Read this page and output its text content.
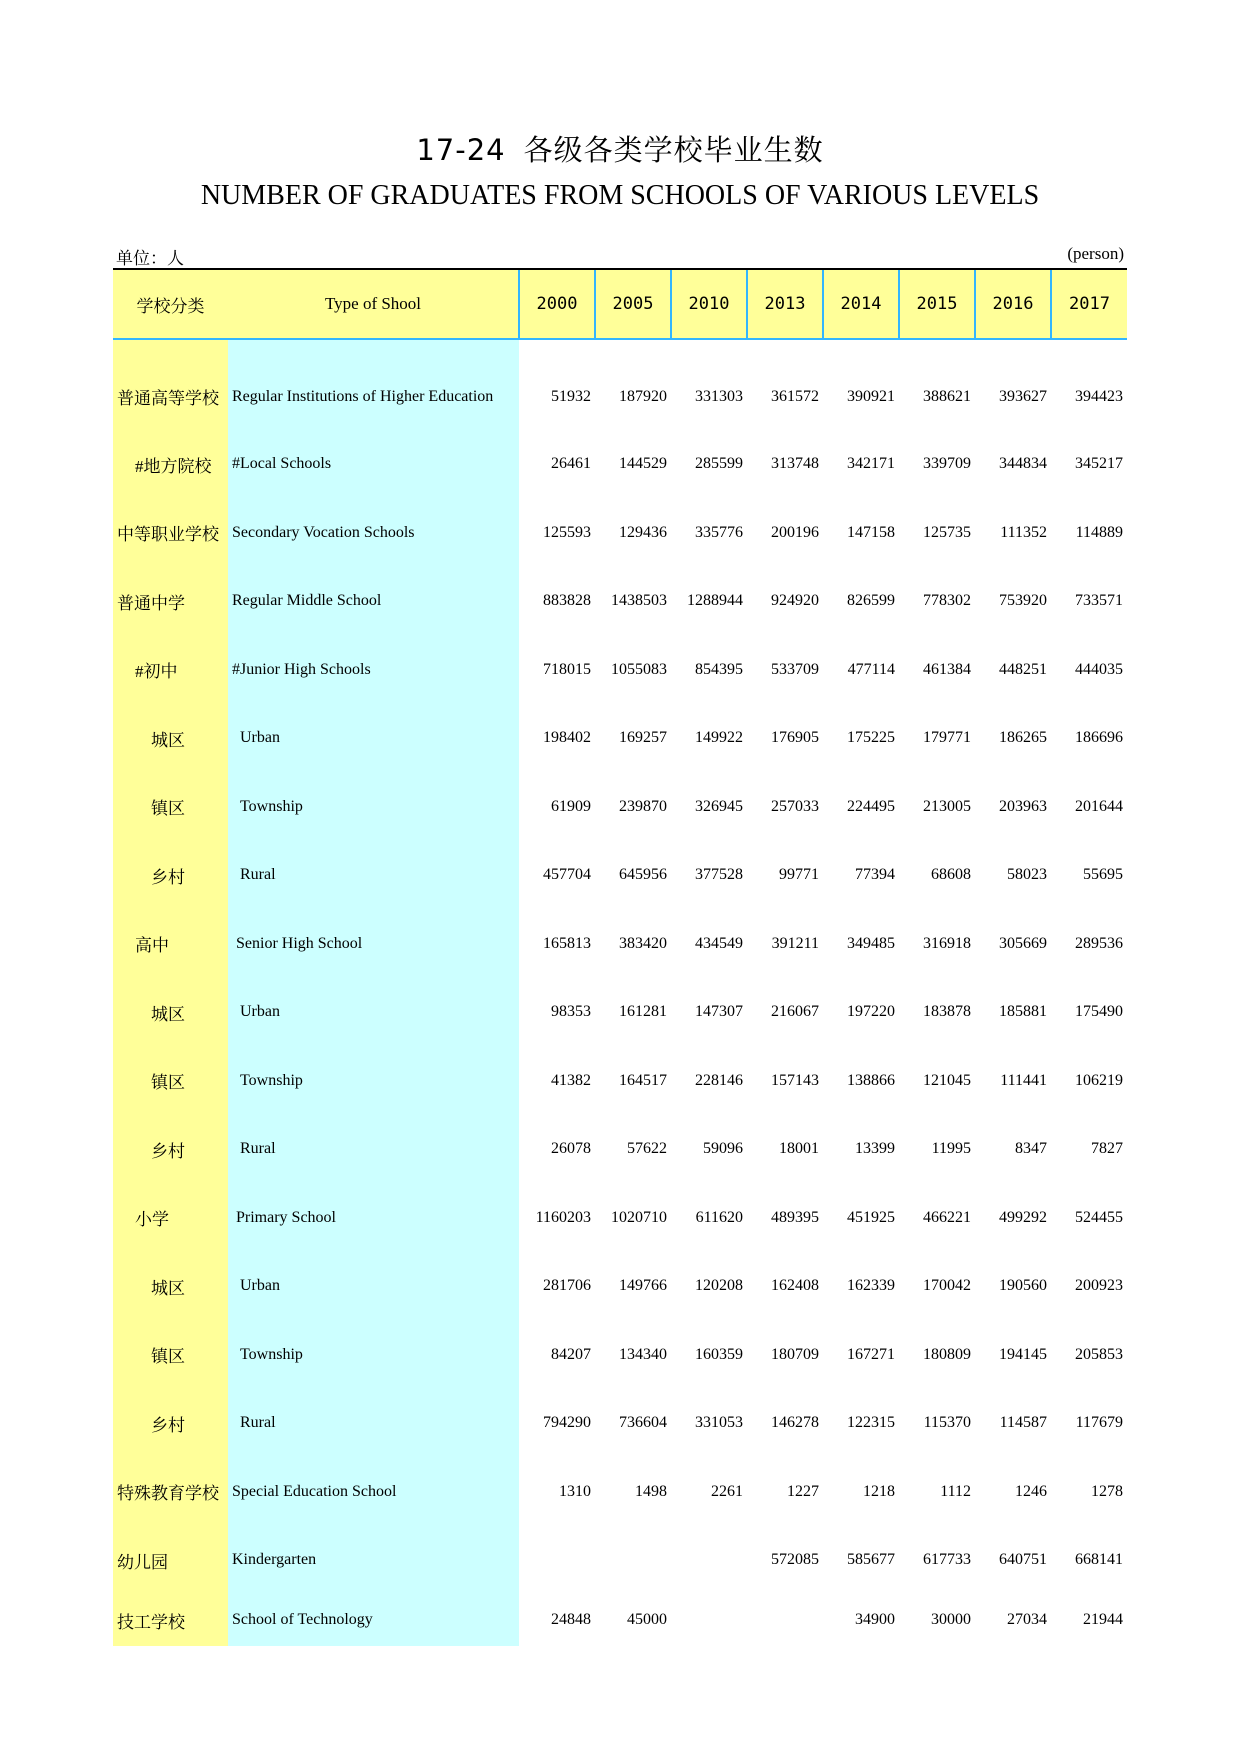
17-24 各级各类学校毕业生数
NUMBER OF GRADUATES FROM SCHOOLS OF VARIOUS LEVELS
单位：人	(person)
学校分类	Type of Shool	2000	2005	2010	2013	2014	2015	2016	2017
普通高等学校	Regular Institutions of Higher Education	51932	187920	331303	361572	390921	388621	393627	394423
#地方院校	#Local Schools	26461	144529	285599	313748	342171	339709	344834	345217
中等职业学校	Secondary Vocation Schools	125593	129436	335776	200196	147158	125735	111352	114889
普通中学	Regular Middle School	883828	1438503	1288944	924920	826599	778302	753920	733571
#初中	#Junior High Schools	718015	1055083	854395	533709	477114	461384	448251	444035
城区	Urban	198402	169257	149922	176905	175225	179771	186265	186696
镇区	Township	61909	239870	326945	257033	224495	213005	203963	201644
乡村	Rural	457704	645956	377528	99771	77394	68608	58023	55695
高中	Senior High School	165813	383420	434549	391211	349485	316918	305669	289536
城区	Urban	98353	161281	147307	216067	197220	183878	185881	175490
镇区	Township	41382	164517	228146	157143	138866	121045	111441	106219
乡村	Rural	26078	57622	59096	18001	13399	11995	8347	7827
小学	Primary School	1160203	1020710	611620	489395	451925	466221	499292	524455
城区	Urban	281706	149766	120208	162408	162339	170042	190560	200923
镇区	Township	84207	134340	160359	180709	167271	180809	194145	205853
乡村	Rural	794290	736604	331053	146278	122315	115370	114587	117679
特殊教育学校	Special Education School	1310	1498	2261	1227	1218	1112	1246	1278
幼儿园	Kindergarten				572085	585677	617733	640751	668141
技工学校	School of Technology	24848	45000			34900	30000	27034	21944
